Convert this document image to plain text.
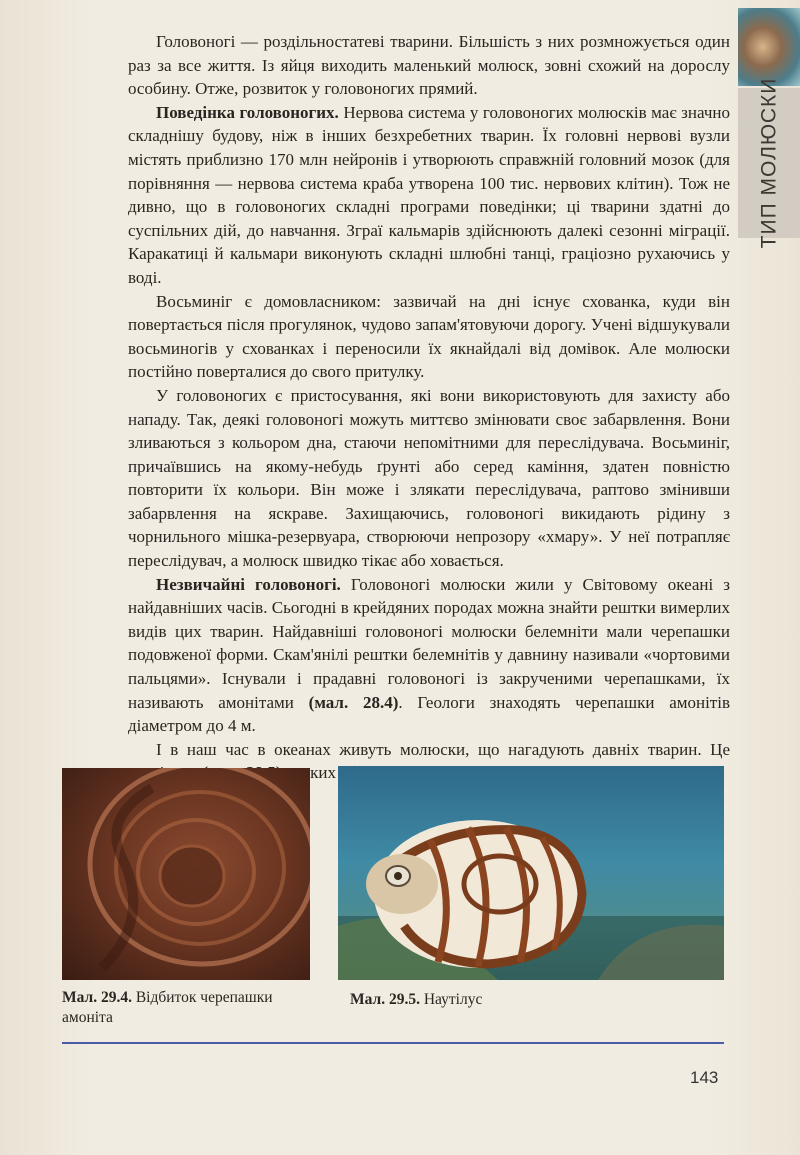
ТИП МОЛЮСКИ

Головоногі — роздільностатеві тварини. Більшість з них розмножується один раз за все життя. Із яйця виходить маленький молюск, зовні схожий на дорослу особину. Отже, розвиток у головоногих прямий.

Поведінка головоногих. Нервова система у головоногих молюсків має значно складнішу будову, ніж в інших безхребетних тварин. Їх головні нервові вузли містять приблизно 170 млн нейронів і утворюють справжній головний мозок (для порівняння — нервова система краба утворена 100 тис. нервових клітин). Тож не дивно, що в головоногих складні програми поведінки; ці тварини здатні до суспільних дій, до навчання. Зграї кальмарів здійснюють далекі сезонні міграції. Каракатиці й кальмари виконують складні шлюбні танці, граціозно рухаючись у воді.

Восьминіг є домовласником: зазвичай на дні існує схованка, куди він повертається після прогулянок, чудово запам'ятовуючи дорогу. Учені відшукували восьминогів у схованках і переносили їх якнайдалі від домівок. Але молюски постійно поверталися до свого притулку.

У головоногих є пристосування, які вони використовують для захисту або нападу. Так, деякі головоногі можуть миттєво змінювати своє забарвлення. Вони зливаються з кольором дна, стаючи непомітними для переслідувача. Восьминіг, причаївшись на якому-небудь ґрунті або серед каміння, здатен повністю повторити їх кольори. Він може і злякати переслідувача, раптово змінивши забарвлення на яскраве. Захищаючись, головоногі викидають рідину з чорнильного мішка-резервуара, створюючи непрозору «хмару». У неї потрапляє переслідувач, а молюск швидко тікає або ховається.

Незвичайні головоногі. Головоногі молюски жили у Світовому океані з найдавніших часів. Сьогодні в крейдяних породах можна знайти рештки вимерлих видів цих тварин. Найдавніші головоногі молюски белемніти мали черепашки подовженої форми. Скам'янілі рештки белемнітів у давнину називали «чортовими пальцями». Існували і прадавні головоногі із закрученими черепашками, їх називають амонітами (мал. 28.4). Геологи знаходять черепашки амонітів діаметром до 4 м.

І в наш час в океанах живуть молюски, що нагадують давніх тварин. Це яких

Мал. 29.4. Відбиток черепашки амоніта
Мал. 29.5. Наутілус
143
